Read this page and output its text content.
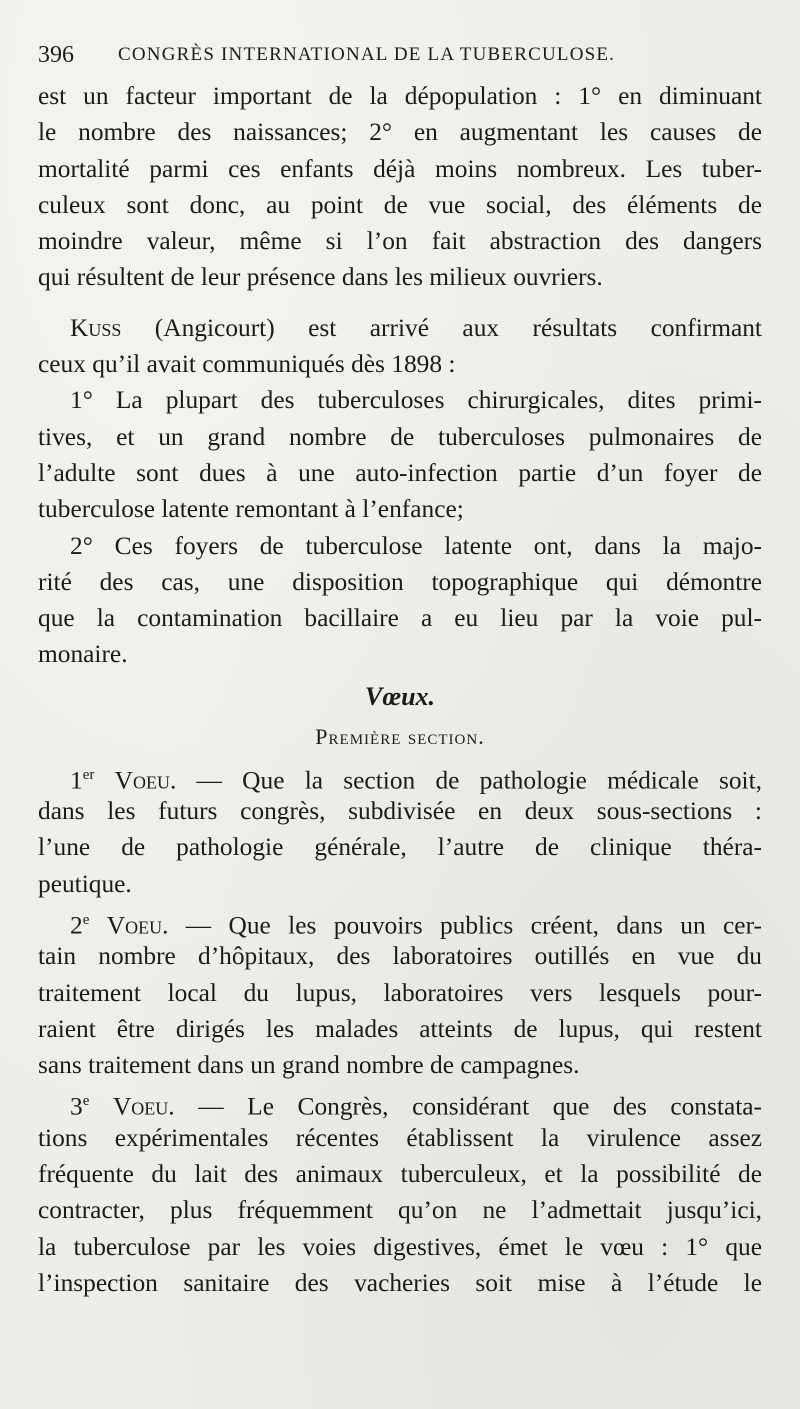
396 CONGRÈS INTERNATIONAL DE LA TUBERCULOSE.
est un facteur important de la dépopulation : 1° en diminuant
le nombre des naissances; 2° en augmentant les causes de
mortalité parmi ces enfants déjà moins nombreux. Les tuber-
culeux sont donc, au point de vue social, des éléments de
moindre valeur, même si l’on fait abstraction des dangers
qui résultent de leur présence dans les milieux ouvriers.
Kuss (Angicourt) est arrivé aux résultats confirmant
ceux qu’il avait communiqués dès 1898 :
1° La plupart des tuberculoses chirurgicales, dites primi-
tives, et un grand nombre de tuberculoses pulmonaires de
l’adulte sont dues à une auto-infection partie d’un foyer de
tuberculose latente remontant à l’enfance;
2° Ces foyers de tuberculose latente ont, dans la majo-
rité des cas, une disposition topographique qui démontre
que la contamination bacillaire a eu lieu par la voie pul-
monaire.
Vœux.
Première section.
1er Voeu. — Que la section de pathologie médicale soit,
dans les futurs congrès, subdivisée en deux sous-sections :
l’une de pathologie générale, l’autre de clinique théra-
peutique.
2e Voeu. — Que les pouvoirs publics créent, dans un cer-
tain nombre d’hôpitaux, des laboratoires outillés en vue du
traitement local du lupus, laboratoires vers lesquels pour-
raient être dirigés les malades atteints de lupus, qui restent
sans traitement dans un grand nombre de campagnes.
3e Voeu. — Le Congrès, considérant que des constata-
tions expérimentales récentes établissent la virulence assez
fréquente du lait des animaux tuberculeux, et la possibilité de
contracter, plus fréquemment qu’on ne l’admettait jusqu’ici,
la tuberculose par les voies digestives, émet le vœu : 1° que
l’inspection sanitaire des vacheries soit mise à l’étude le
